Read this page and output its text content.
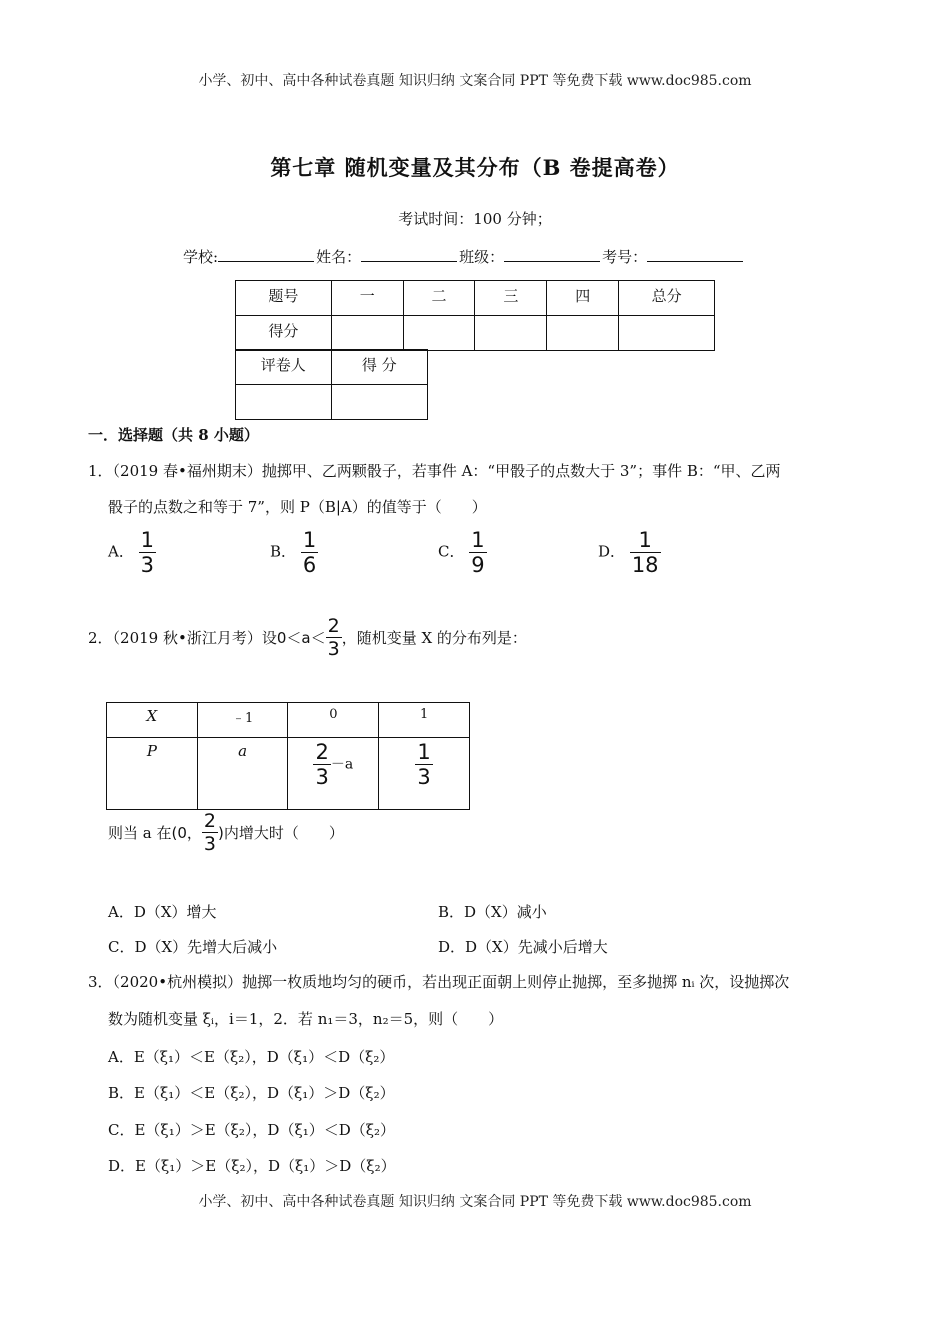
小学、初中、高中各种试卷真题 知识归纳 文案合同 PPT 等免费下载 www.doc985.com
小学、初中、高中各种试卷真题 知识归纳 文案合同 PPT 等免费下载 www.doc985.com
第七章 随机变量及其分布（B 卷提高卷）
考试时间：100 分钟；
学校:	姓名：	班级：	考号：
题号	一	二	三	四	总分
得分					
评卷人	得 分

一．选择题（共 8 小题）
1．（2019 春•福州期末）抛掷甲、乙两颗骰子，若事件 A：“甲骰子的点数大于 3”；事件 B：“甲、乙两
骰子的点数之和等于 7”，则 P（B|A）的值等于（　　）
A． $\frac{1}{3}$	B． $\frac{1}{6}$	C． $\frac{1}{9}$	D． $\frac{1}{18}$
2．（2019 秋•浙江月考）设 $0<a< \frac{2}{3}$ ，随机变量 X 的分布列是：
X	﹣1	0	1
P	a	$\frac{2}{3} -a$	$\frac{1}{3}$
则当 a 在 (0， $\frac{2}{3}$ ) 内增大时（　　）
A．D（X）增大	B．D（X）减小
C．D（X）先增大后减小	D．D（X）先减小后增大
3．（2020•杭州模拟）抛掷一枚质地均匀的硬币，若出现正面朝上则停止抛掷，至多抛掷 nᵢ 次，设抛掷次
数为随机变量 ξᵢ，i＝1，2．若 n₁＝3，n₂＝5，则（　　）
A．E（ξ₁）＜E（ξ₂），D（ξ₁）＜D（ξ₂）
B．E（ξ₁）＜E（ξ₂），D（ξ₁）＞D（ξ₂）
C．E（ξ₁）＞E（ξ₂），D（ξ₁）＜D（ξ₂）
D．E（ξ₁）＞E（ξ₂），D（ξ₁）＞D（ξ₂）
